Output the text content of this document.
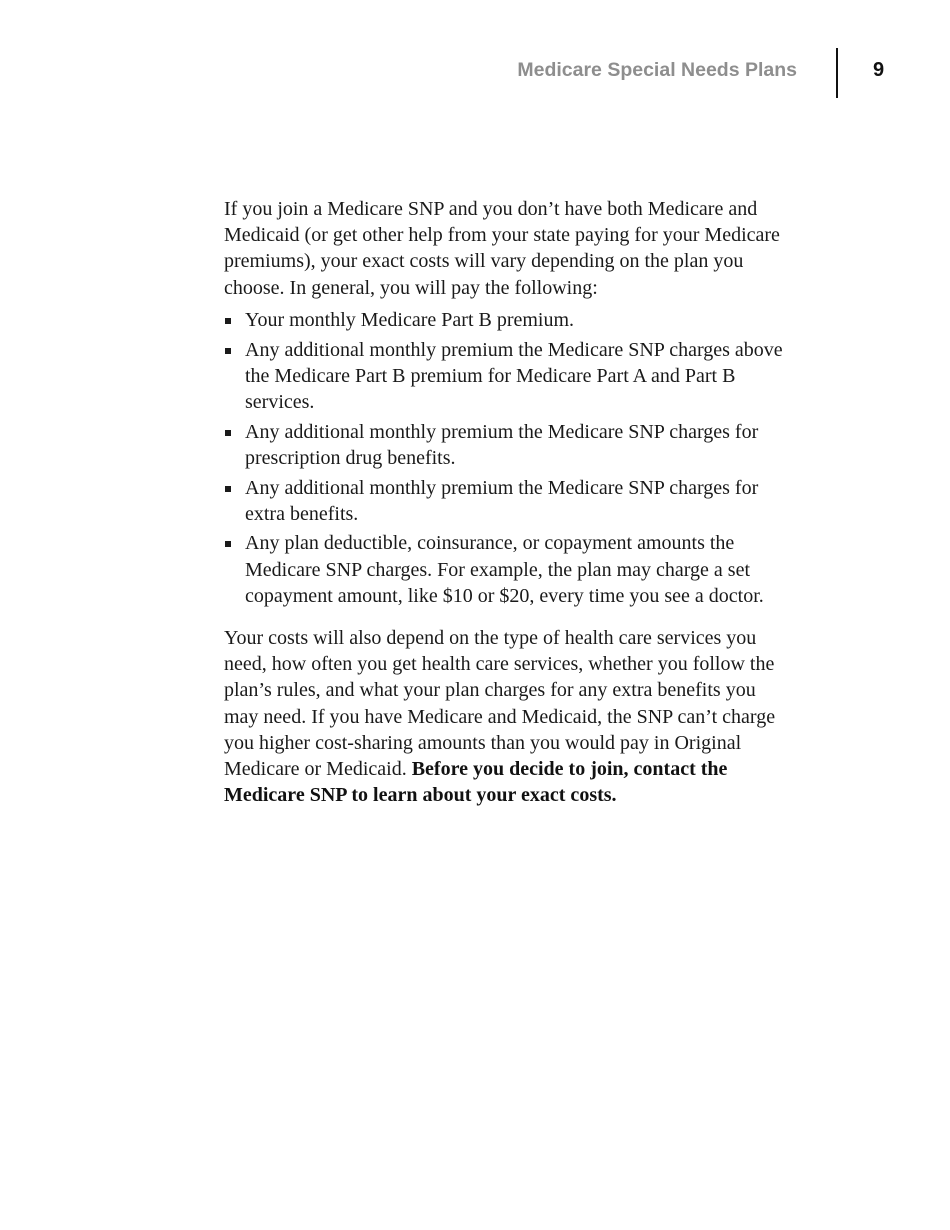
Medicare Special Needs Plans	9

If you join a Medicare SNP and you don’t have both Medicare and Medicaid (or get other help from your state paying for your Medicare premiums), your exact costs will vary depending on the plan you choose. In general, you will pay the following:

Your monthly Medicare Part B premium.
Any additional monthly premium the Medicare SNP charges above the Medicare Part B premium for Medicare Part A and Part B services.
Any additional monthly premium the Medicare SNP charges for prescription drug benefits.
Any additional monthly premium the Medicare SNP charges for extra benefits.
Any plan deductible, coinsurance, or copayment amounts the Medicare SNP charges. For example, the plan may charge a set copayment amount, like $10 or $20, every time you see a doctor.

Your costs will also depend on the type of health care services you need, how often you get health care services, whether you follow the plan’s rules, and what your plan charges for any extra benefits you may need. If you have Medicare and Medicaid, the SNP can’t charge you higher cost-sharing amounts than you would pay in Original Medicare or Medicaid. Before you decide to join, contact the Medicare SNP to learn about your exact costs.
